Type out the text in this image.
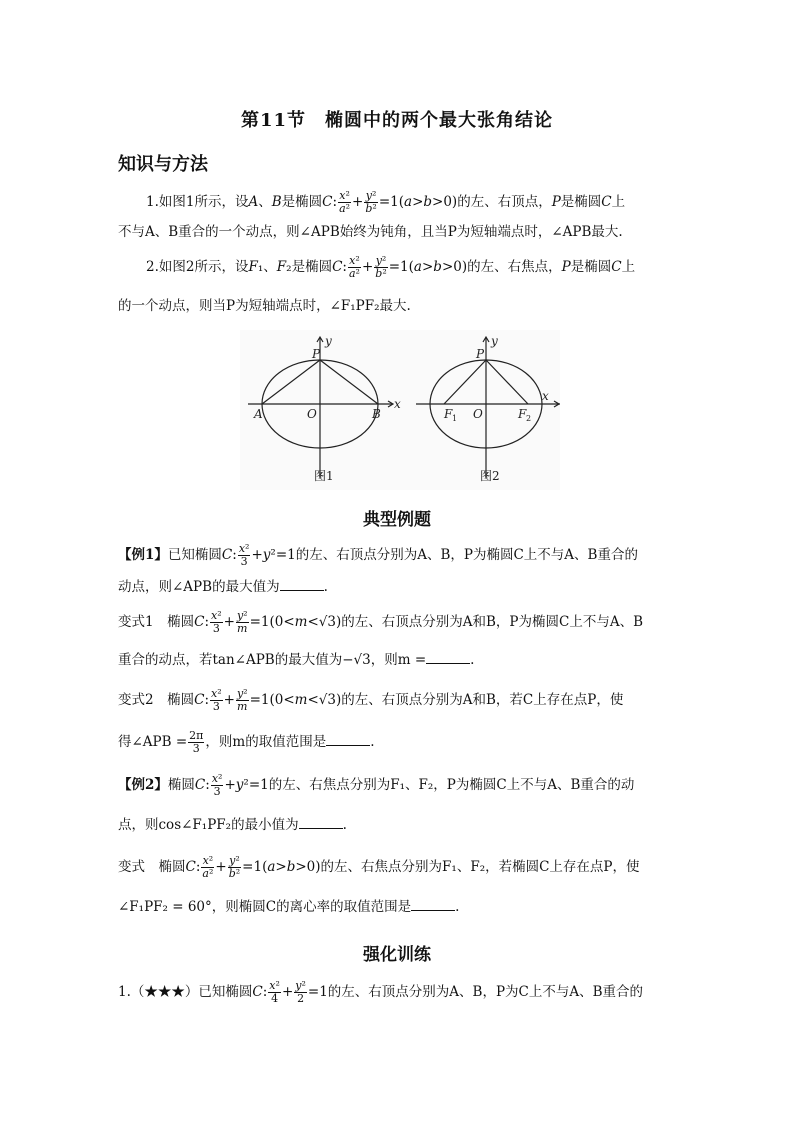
第11节　椭圆中的两个最大张角结论
知识与方法
1.如图1所示，设A、B是椭圆C: $\frac{\text{x²}}{\text{a²}} + \frac{\text{y²}}{\text{b²}} =1(a>b>0)$的左、右顶点，P是椭圆C上
不与A、B重合的一个动点，则∠APB始终为钝角，且当P为短轴端点时，∠APB最大.
2.如图2所示，设F₁、F₂是椭圆C: $\frac{\text{x²}}{\text{a²}} + \frac{\text{y²}}{\text{b²}} =1(a>b>0)$的左、右焦点，P是椭圆C上
的一个动点，则当P为短轴端点时，∠F₁PF₂最大.
P
y
x
A	O	B
图1
P
y
x
F 1 O	F 2
图2
典型例题
【例1】已知椭圆C: $\frac{\text{x²}}{3} +y^2=1$的左、右顶点分别为A、B，P为椭圆C上不与A、B重合的
动点，则∠APB的最大值为	.
变式1　椭圆C: $\frac{\text{x²}}{3} + \frac{\text{y²}}{m} =1(0<m<√3)$的左、右顶点分别为A和B，P为椭圆C上不与A、B
重合的动点，若tan∠APB的最大值为−√3，则m =	.
变式2　椭圆C: $\frac{\text{x²}}{3} + \frac{\text{y²}}{m} =1(0<m<√3)$的左、右顶点分别为A和B，若C上存在点P，使
得∠APB = $\frac{2\pi}{3}$ ，则m的取值范围是	.
【例2】椭圆C: $\frac{\text{x²}}{3} +y^2=1$的左、右焦点分别为F₁、F₂，P为椭圆C上不与A、B重合的动
点，则cos∠F₁PF₂的最小值为	.
变式　椭圆C: $\frac{\text{x²}}{\text{a²}} + \frac{\text{y²}}{\text{b²}} =1(a>b>0)$的左、右焦点分别为F₁、F₂，若椭圆C上存在点P，使
∠F₁PF₂ = 60°，则椭圆C的离心率的取值范围是	.
强化训练
1.（★★★）已知椭圆C: $\frac{\text{x²}}{4} + \frac{\text{y²}}{2} =1$的左、右顶点分别为A、B，P为C上不与A、B重合的
